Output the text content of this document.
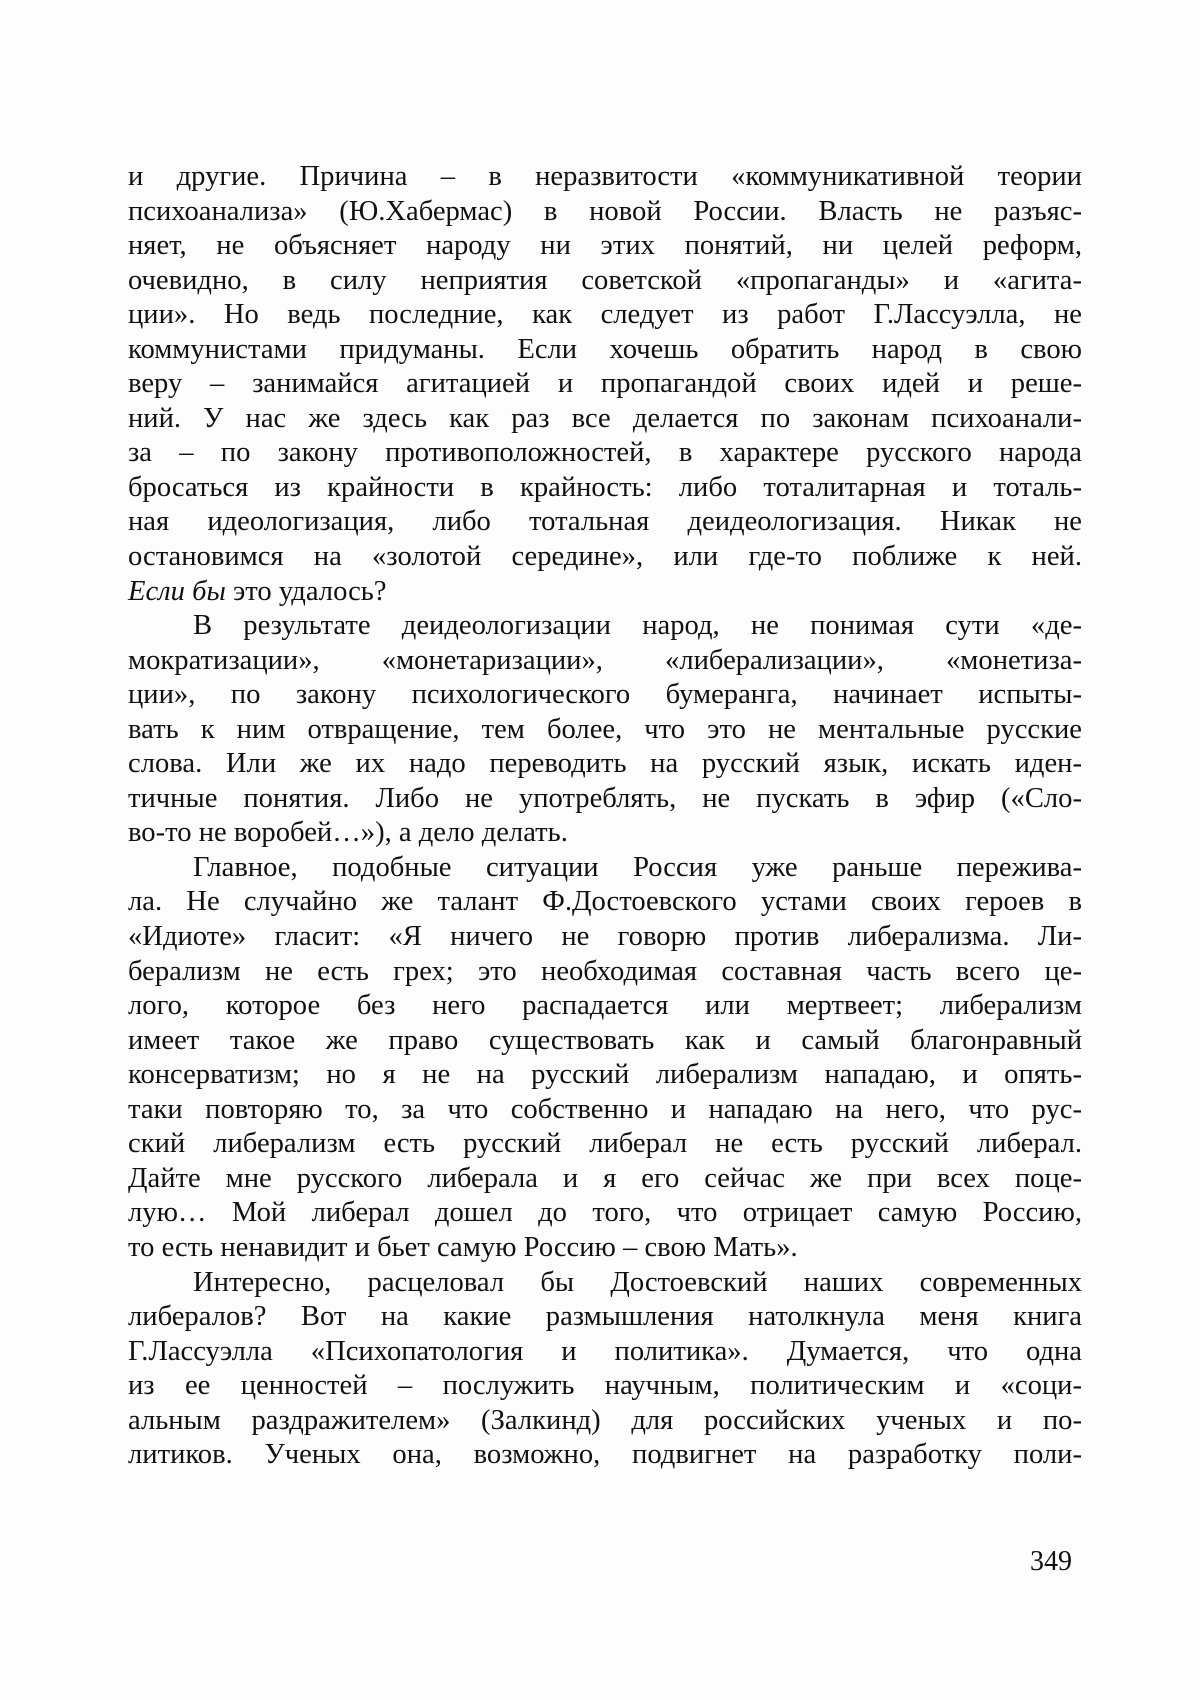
и другие. Причина – в неразвитости «коммуникативной теории
психоанализа» (Ю.Хабермас) в новой России. Власть не разъяс-
няет, не объясняет народу ни этих понятий, ни целей реформ,
очевидно, в силу неприятия советской «пропаганды» и «агита-
ции». Но ведь последние, как следует из работ Г.Лассуэлла, не
коммунистами придуманы. Если хочешь обратить народ в свою
веру – занимайся агитацией и пропагандой своих идей и реше-
ний. У нас же здесь как раз все делается по законам психоанали-
за – по закону противоположностей, в характере русского народа
бросаться из крайности в крайность: либо тоталитарная и тоталь-
ная идеологизация, либо тотальная деидеологизация. Никак не
остановимся на «золотой середине», или где-то поближе к ней.
Если бы это удалось?
В результате деидеологизации народ, не понимая сути «де-
мократизации», «монетаризации», «либерализации», «монетиза-
ции», по закону психологического бумеранга, начинает испыты-
вать к ним отвращение, тем более, что это не ментальные русские
слова. Или же их надо переводить на русский язык, искать иден-
тичные понятия. Либо не употреблять, не пускать в эфир («Сло-
во-то не воробей…»), а дело делать.
Главное, подобные ситуации Россия уже раньше пережива-
ла. Не случайно же талант Ф.Достоевского устами своих героев в
«Идиоте» гласит: «Я ничего не говорю против либерализма. Ли-
берализм не есть грех; это необходимая составная часть всего це-
лого, которое без него распадается или мертвеет; либерализм
имеет такое же право существовать как и самый благонравный
консерватизм; но я не на русский либерализм нападаю, и опять-
таки повторяю то, за что собственно и нападаю на него, что рус-
ский либерализм есть русский либерал не есть русский либерал.
Дайте мне русского либерала и я его сейчас же при всех поце-
лую… Мой либерал дошел до того, что отрицает самую Россию,
то есть ненавидит и бьет самую Россию – свою Мать».
Интересно, расцеловал бы Достоевский наших современных
либералов? Вот на какие размышления натолкнула меня книга
Г.Лассуэлла «Психопатология и политика». Думается, что одна
из ее ценностей – послужить научным, политическим и «соци-
альным раздражителем» (Залкинд) для российских ученых и по-
литиков. Ученых она, возможно, подвигнет на разработку поли-
349
